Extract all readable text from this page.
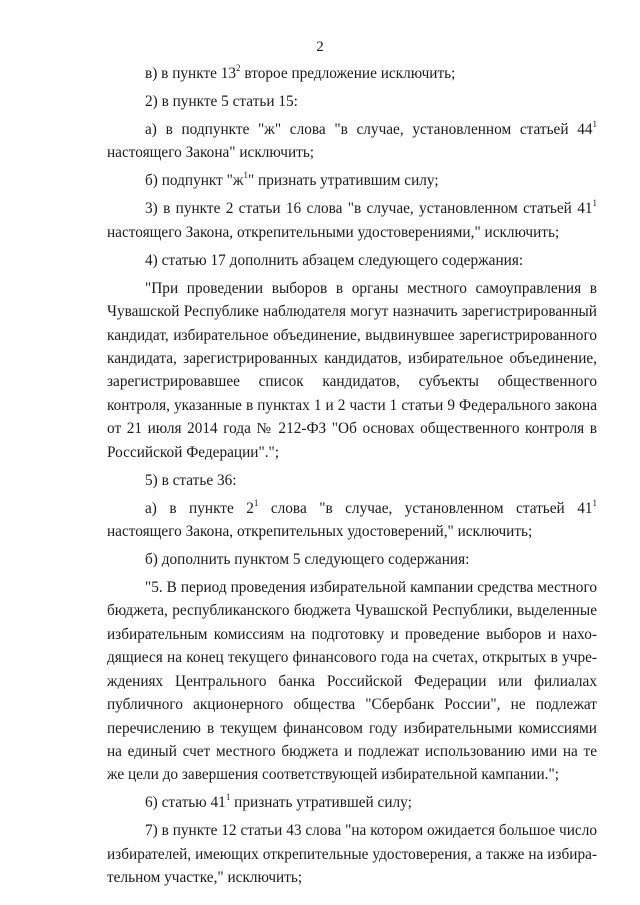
2

в) в пункте $13^2$ второе предложение исключить;

2) в пункте 5 статьи 15:

а) в подпункте "ж" слова "в случае, установленном статьей $44^1$ настоящего Закона" исключить;

б) подпункт "$ж^1$" признать утратившим силу;

3) в пункте 2 статьи 16 слова "в случае, установленном статьей $41^1$ настоящего Закона, открепительными удостоверениями," исключить;

4) статью 17 дополнить абзацем следующего содержания:

"При проведении выборов в органы местного самоуправления в Чувашской Республике наблюдателя могут назначить зарегистрированный кандидат, избирательное объединение, выдвинувшее зарегистрированного кандидата, зарегистрированных кандидатов, избирательное объединение, зарегистрировавшее список кандидатов, субъекты общественного контроля, указанные в пунктах 1 и 2 части 1 статьи 9 Федерального закона от 21 июля 2014 года № 212-ФЗ "Об основах общественного контроля в Российской Федерации".";

5) в статье 36:

а) в пункте $2^1$ слова "в случае, установленном статьей $41^1$ настоящего Закона, открепительных удостоверений," исключить;

б) дополнить пунктом 5 следующего содержания:

"5. В период проведения избирательной кампании средства местного бюджета, республиканского бюджета Чувашской Республики, выделенные избирательным комиссиям на подготовку и проведение выборов и находящиеся на конец текущего финансового года на счетах, открытых в учреждениях Центрального банка Российской Федерации или филиалах публичного акционерного общества "Сбербанк России", не подлежат перечислению в текущем финансовом году избирательными комиссиями на единый счет местного бюджета и подлежат использованию ими на те же цели до завершения соответствующей избирательной кампании.";

6) статью $41^1$ признать утратившей силу;

7) в пункте 12 статьи 43 слова "на котором ожидается большое число избирателей, имеющих открепительные удостоверения, а также на избирательном участке," исключить;
